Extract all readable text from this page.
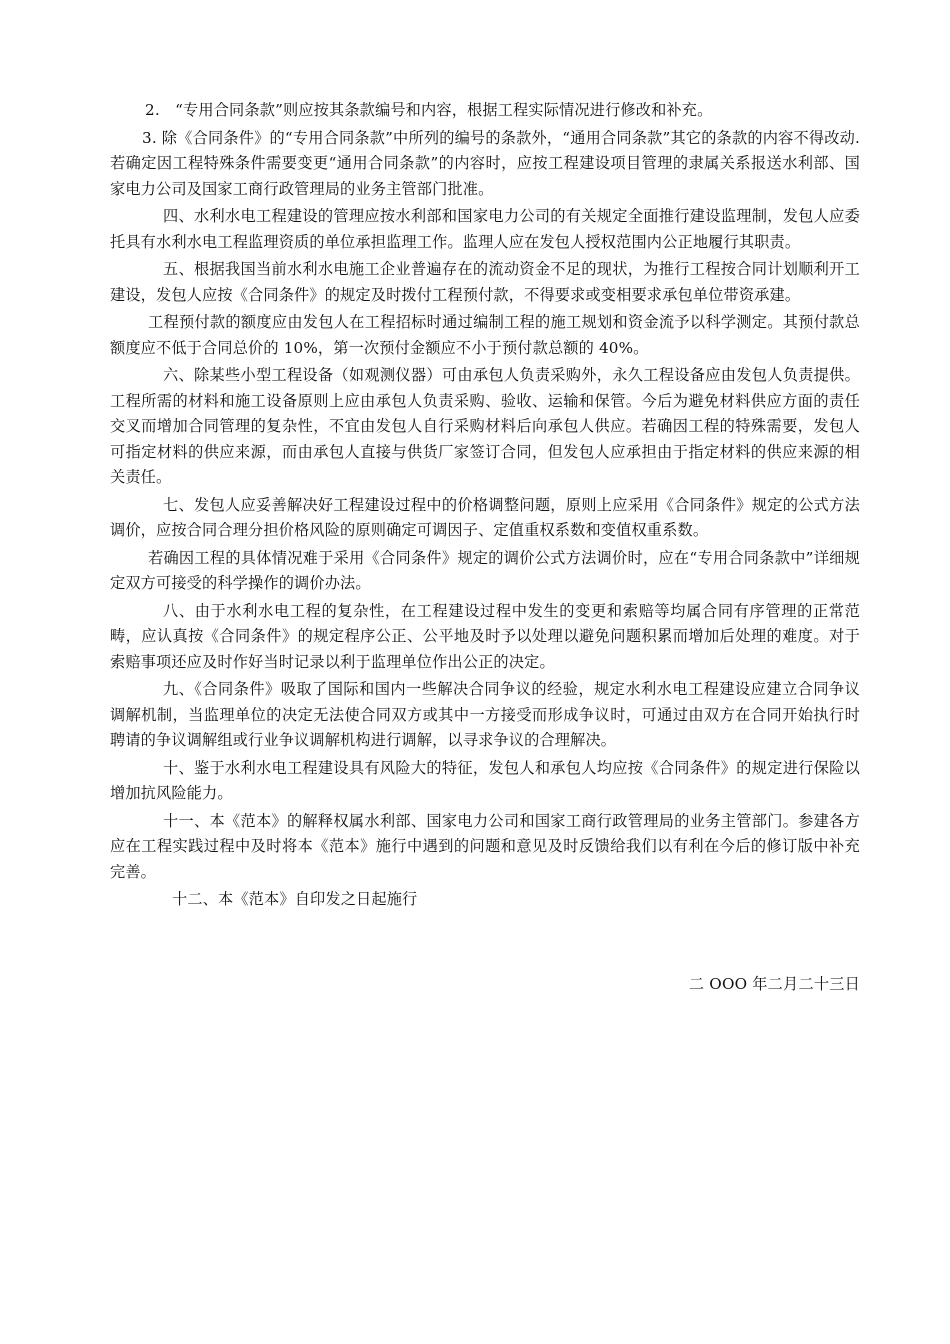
2.　“专用合同条款”则应按其条款编号和内容，根据工程实际情况进行修改和补充。

3. 除《合同条件》的“专用合同条款”中所列的编号的条款外，“通用合同条款”其它的条款的内容不得改动. 若确定因工程特殊条件需要变更“通用合同条款”的内容时，应按工程建设项目管理的隶属关系报送水利部、国家电力公司及国家工商行政管理局的业务主管部门批准。

四、水利水电工程建设的管理应按水利部和国家电力公司的有关规定全面推行建设监理制，发包人应委托具有水利水电工程监理资质的单位承担监理工作。监理人应在发包人授权范围内公正地履行其职责。

五、根据我国当前水利水电施工企业普遍存在的流动资金不足的现状，为推行工程按合同计划顺利开工建设，发包人应按《合同条件》的规定及时拨付工程预付款，不得要求或变相要求承包单位带资承建。

工程预付款的额度应由发包人在工程招标时通过编制工程的施工规划和资金流予以科学测定。其预付款总额度应不低于合同总价的 10%，第一次预付金额应不小于预付款总额的 40%。

六、除某些小型工程设备（如观测仪器）可由承包人负责采购外，永久工程设备应由发包人负责提供。工程所需的材料和施工设备原则上应由承包人负责采购、验收、运输和保管。今后为避免材料供应方面的责任交叉而增加合同管理的复杂性，不宜由发包人自行采购材料后向承包人供应。若确因工程的特殊需要，发包人可指定材料的供应来源，而由承包人直接与供货厂家签订合同，但发包人应承担由于指定材料的供应来源的相关责任。

七、发包人应妥善解决好工程建设过程中的价格调整问题，原则上应采用《合同条件》规定的公式方法调价，应按合同合理分担价格风险的原则确定可调因子、定值重权系数和变值权重系数。

若确因工程的具体情况难于采用《合同条件》规定的调价公式方法调价时，应在“专用合同条款中”详细规定双方可接受的科学操作的调价办法。

八、由于水利水电工程的复杂性，在工程建设过程中发生的变更和索赔等均属合同有序管理的正常范畴，应认真按《合同条件》的规定程序公正、公平地及时予以处理以避免问题积累而增加后处理的难度。对于索赔事项还应及时作好当时记录以利于监理单位作出公正的决定。

九、《合同条件》吸取了国际和国内一些解决合同争议的经验，规定水利水电工程建设应建立合同争议调解机制，当监理单位的决定无法使合同双方或其中一方接受而形成争议时，可通过由双方在合同开始执行时聘请的争议调解组或行业争议调解机构进行调解，以寻求争议的合理解决。

十、鉴于水利水电工程建设具有风险大的特征，发包人和承包人均应按《合同条件》的规定进行保险以增加抗风险能力。

十一、本《范本》的解释权属水利部、国家电力公司和国家工商行政管理局的业务主管部门。参建各方应在工程实践过程中及时将本《范本》施行中遇到的问题和意见及时反馈给我们以有利在今后的修订版中补充完善。

十二、本《范本》自印发之日起施行

二 OOO 年二月二十三日
